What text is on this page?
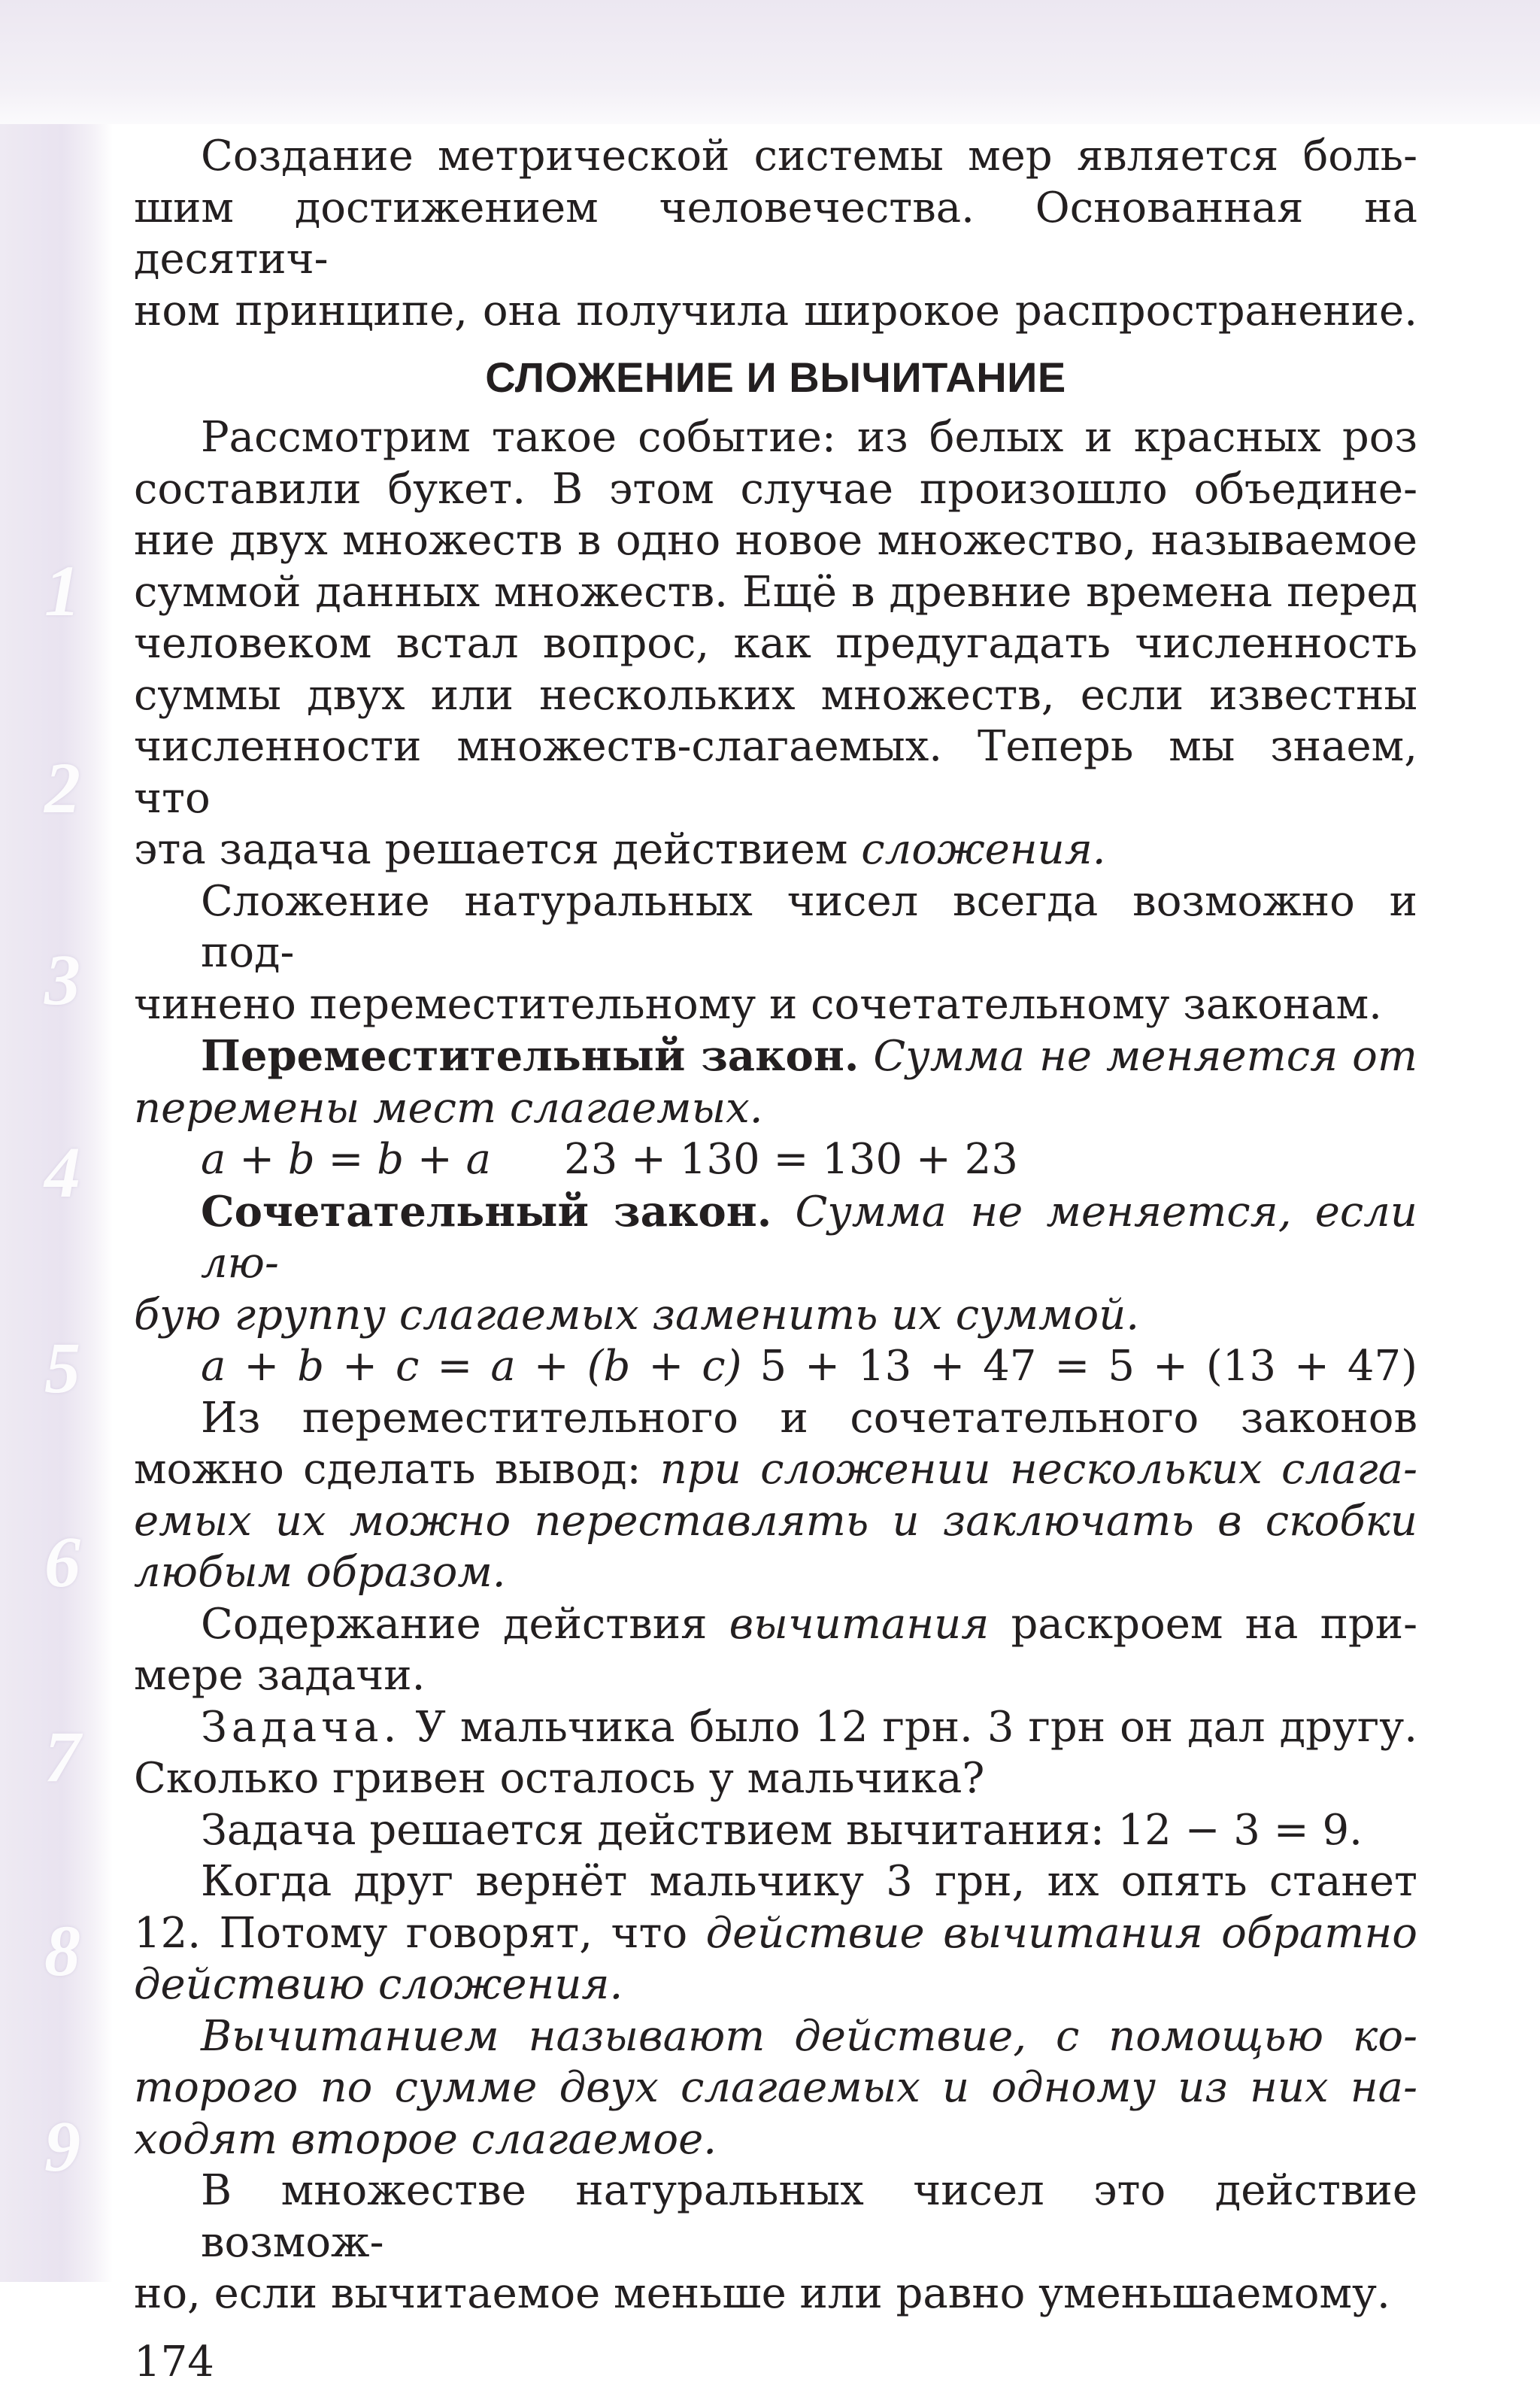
1
2
3
4
5
6
7
8
9
Создание метрической системы мер является боль-
шим достижением человечества. Основанная на десятич-
ном принципе, она получила широкое распространение.
СЛОЖЕНИЕ И ВЫЧИТАНИЕ
Рассмотрим такое событие: из белых и красных роз
составили букет. В этом случае произошло объедине-
ние двух множеств в одно новое множество, называемое
суммой данных множеств. Ещё в древние времена перед
человеком встал вопрос, как предугадать численность
суммы двух или нескольких множеств, если известны
численности множеств-слагаемых. Теперь мы знаем, что
эта задача решается действием сложения.
Сложение натуральных чисел всегда возможно и под-
чинено переместительному и сочетательному законам.
Переместительный закон. Сумма не меняется от
перемены мест слагаемых.
a + b = b + a	23 + 130 = 130 + 23
Сочетательный закон. Сумма не меняется, если лю-
бую группу слагаемых заменить их суммой.
a + b + c = a + (b + c) 5 + 13 + 47 = 5 + (13 + 47)
Из переместительного и сочетательного законов
можно сделать вывод: при сложении нескольких слага-
емых их можно переставлять и заключать в скобки
любым образом.
Содержание действия вычитания раскроем на при-
мере задачи.
Задача. У мальчика было 12 грн. 3 грн он дал другу.
Сколько гривен осталось у мальчика?
Задача решается действием вычитания: 12 − 3 = 9.
Когда друг вернёт мальчику 3 грн, их опять станет
12. Потому говорят, что действие вычитания обратно
действию сложения.
Вычитанием называют действие, с помощью ко-
торого по сумме двух слагаемых и одному из них на-
ходят второе слагаемое.
В множестве натуральных чисел это действие возмож-
но, если вычитаемое меньше или равно уменьшаемому.
174
